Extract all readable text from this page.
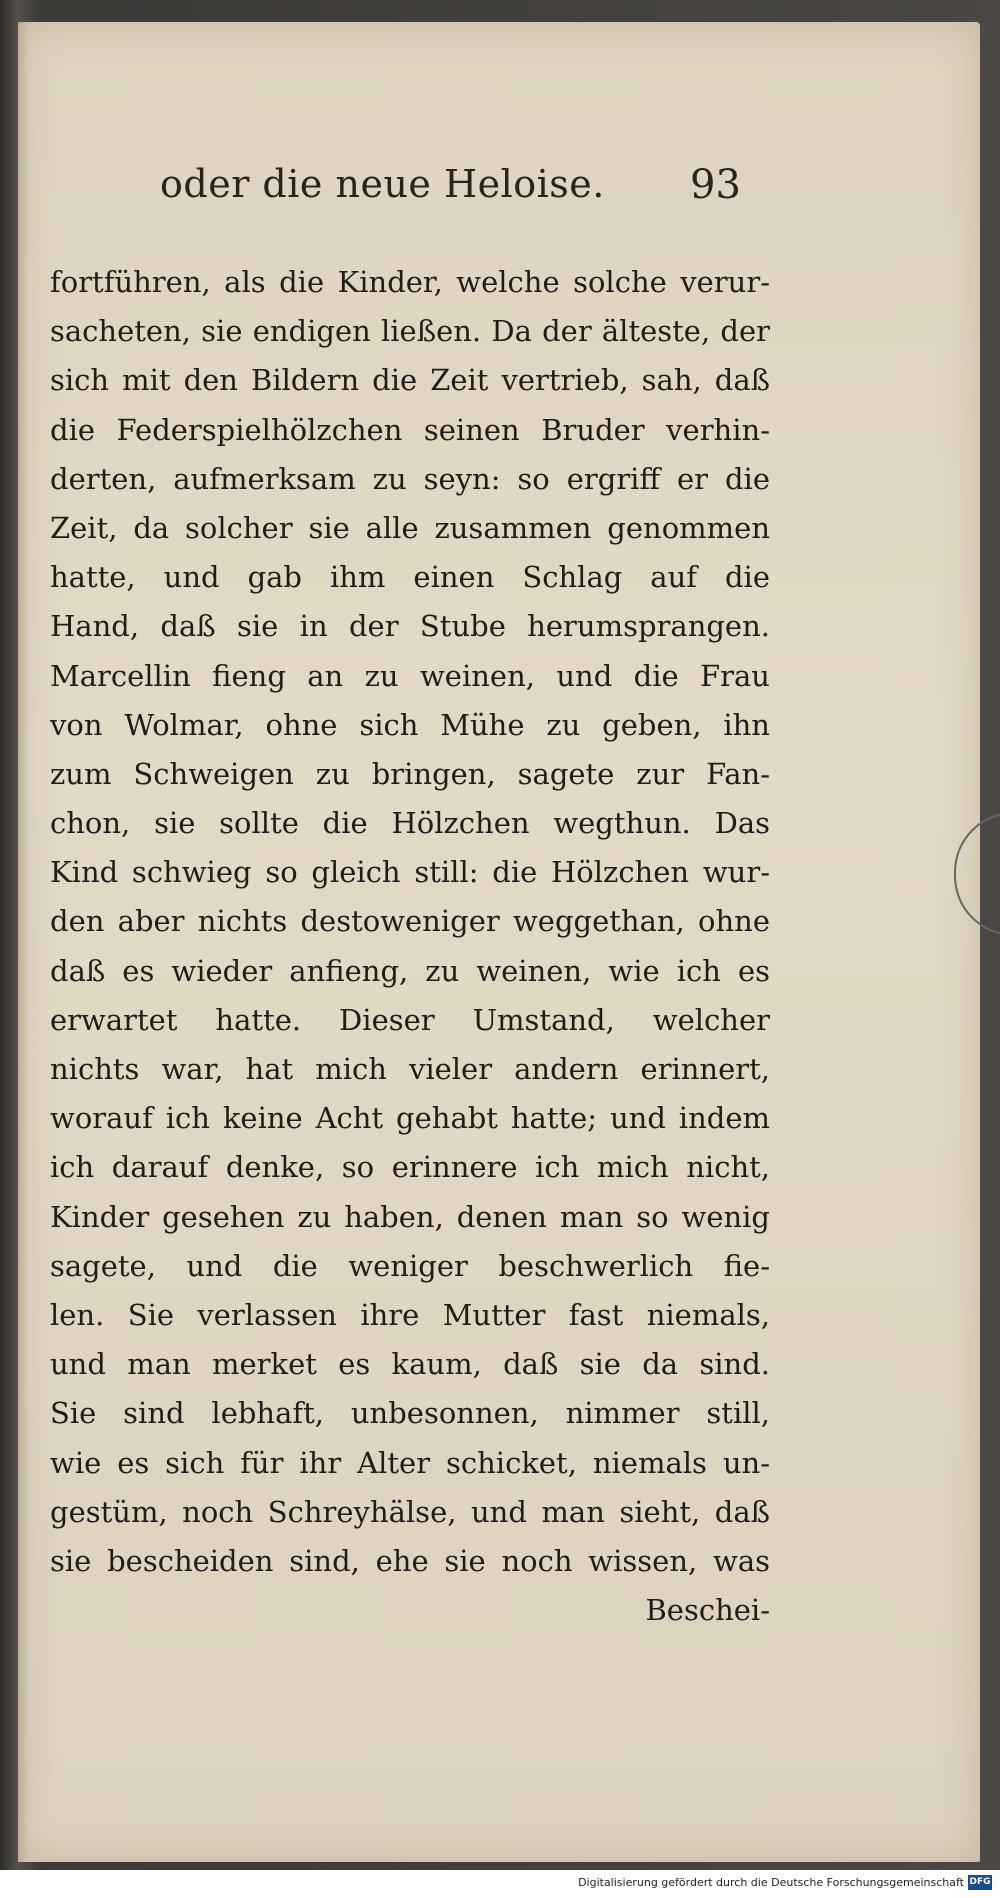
oder die neue Heloise. 93
fortführen, als die Kinder, welche solche verur-
sacheten, sie endigen ließen. Da der älteste, der
sich mit den Bildern die Zeit vertrieb, sah, daß
die Federspielhölzchen seinen Bruder verhin-
derten, aufmerksam zu seyn: so ergriff er die
Zeit, da solcher sie alle zusammen genommen
hatte, und gab ihm einen Schlag auf die
Hand, daß sie in der Stube herumsprangen.
Marcellin fieng an zu weinen, und die Frau
von Wolmar, ohne sich Mühe zu geben, ihn
zum Schweigen zu bringen, sagete zur Fan-
chon, sie sollte die Hölzchen wegthun. Das
Kind schwieg so gleich still: die Hölzchen wur-
den aber nichts destoweniger weggethan, ohne
daß es wieder anfieng, zu weinen, wie ich es
erwartet hatte. Dieser Umstand, welcher
nichts war, hat mich vieler andern erinnert,
worauf ich keine Acht gehabt hatte; und indem
ich darauf denke, so erinnere ich mich nicht,
Kinder gesehen zu haben, denen man so wenig
sagete, und die weniger beschwerlich fie-
len. Sie verlassen ihre Mutter fast niemals,
und man merket es kaum, daß sie da sind.
Sie sind lebhaft, unbesonnen, nimmer still,
wie es sich für ihr Alter schicket, niemals un-
gestüm, noch Schreyhälse, und man sieht, daß
sie bescheiden sind, ehe sie noch wissen, was
Beschei-
Digitalisierung gefördert durch die Deutsche Forschungsgemeinschaft DFG
